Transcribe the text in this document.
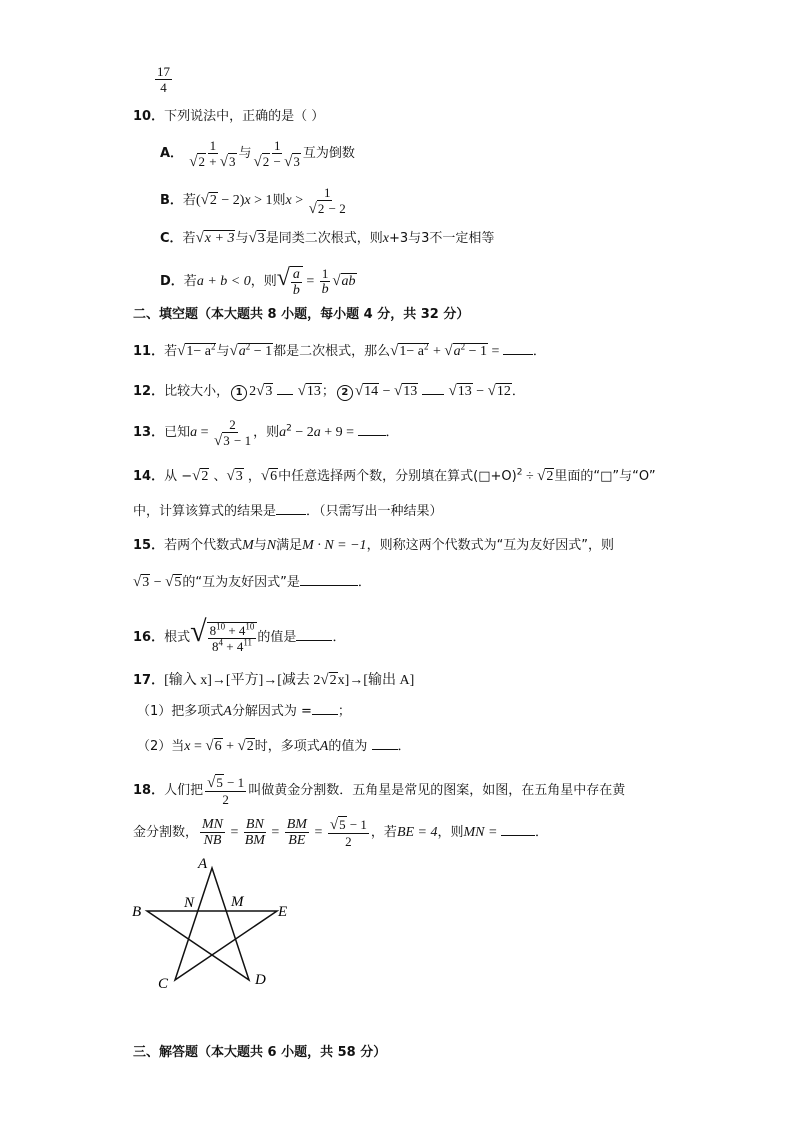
$\frac{17}{4}$
10．下列说法中，正确的是（ ）
A． $\frac{1}{√2 + √3}$ 与 $\frac{1}{√2 - √3}$ 互为倒数
B．若(√2 − 2)x > 1则$x > \frac{1}{√2 - 2}$
C．若√x + 3与√3是同类二次根式，则x+3与3不一定相等
D．若a + b < 0，则√ $\frac{a}{b} = \frac{1}{b} √ab$
二、填空题（本大题共 8 小题，每小题 4 分，共 32 分）
11．若$√1- a^2$与$√a^2 - 1$都是二次根式，那么$√1- a^2 + √a^2 - 1$ = ．
12．比较大小， 1 2√3 √13； 2 √14 − √13 √13 − √12．
13．已知$a = \frac{2}{√3 - 1}$ ，则$a^2 - 2a + 9$ = ．
14．从 −√2 、√3 ，√6中任意选择两个数，分别填在算式(□+O)$^2$ ÷ √2里面的“□”与“O”
中，计算该算式的结果是 ．（只需写出一种结果）
15．若两个代数式M与N满足M · N = −1，则称这两个代数式为“互为友好因式”，则
√3 − √5的“互为友好因式”是	．
16．根式√ $\frac{8^{10} + 4^{10}}{8^4 + 4^{11}}$ 的值是	．
17．[输入 x]→[平方]→[减去 2√2x]→[输出 A]
（1）把多项式A分解因式为 = ；
（2）当x = √6 + √2时，多项式A的值为 ．
18．人们把 $\frac{√5 - 1}{2}$ 叫做黄金分割数．五角星是常见的图案，如图，在五角星中存在黄
金分割数， $\frac{MN}{NB} = \frac{BN}{BM} = \frac{BM}{BE} = \frac{√5 - 1}{2}$ ，若BE = 4，则MN =	．
A
B
C	D
E
N M
三、解答题（本大题共 6 小题，共 58 分）
